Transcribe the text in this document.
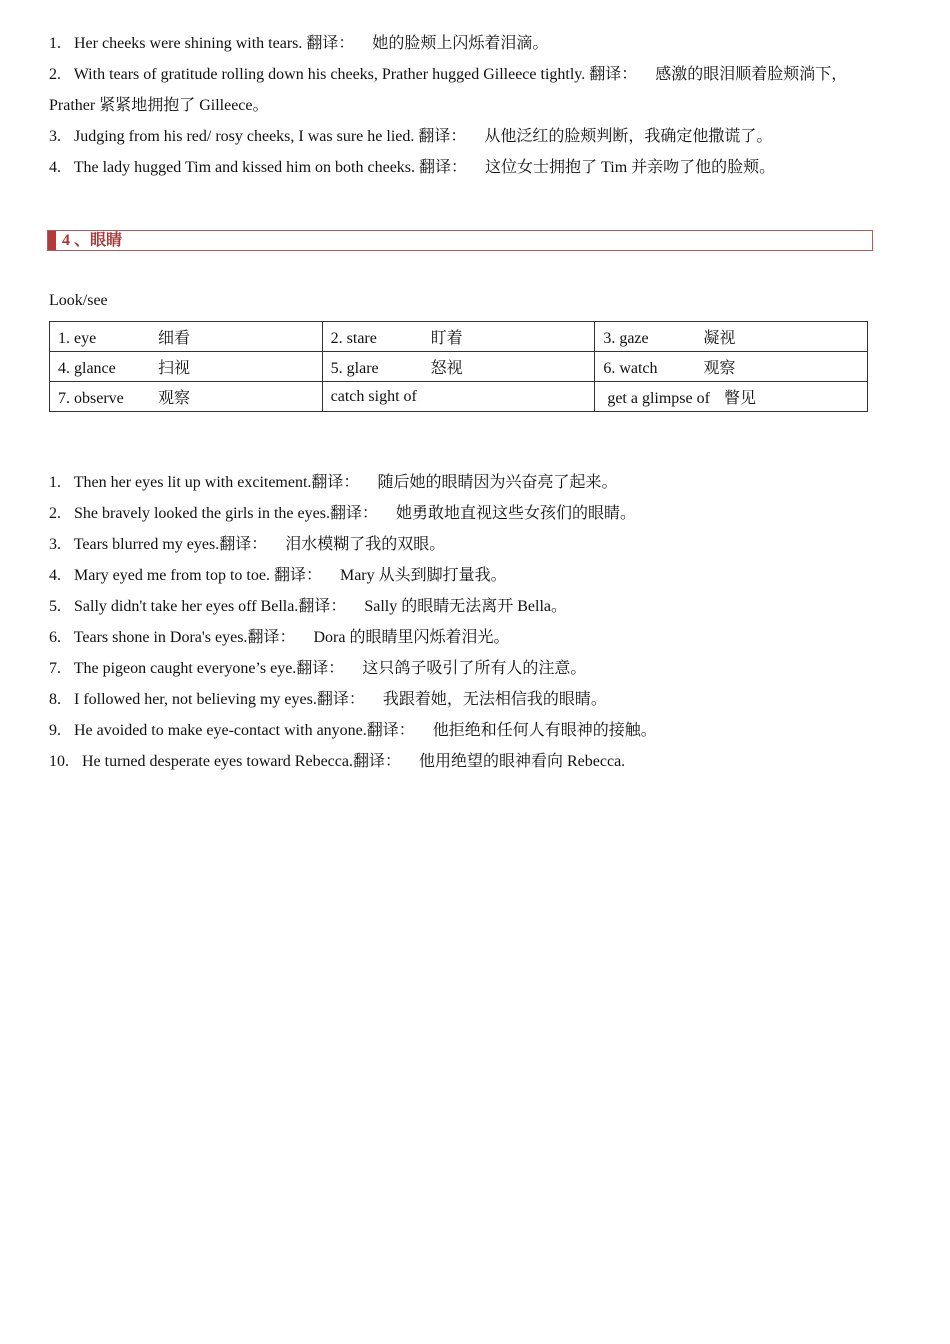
1. Her cheeks were shining with tears. 翻译： 她的脸颊上闪烁着泪滴。
2. With tears of gratitude rolling down his cheeks, Prather hugged Gilleece tightly. 翻译： 感激的眼泪顺着脸颊淌下，
Prather 紧紧地拥抱了 Gilleece。
3. Judging from his red/ rosy cheeks, I was sure he lied. 翻译： 从他泛红的脸颊判断，我确定他撒谎了。
4. The lady hugged Tim and kissed him on both cheeks. 翻译： 这位女士拥抱了 Tim 并亲吻了他的脸颊。
4 、眼睛
Look/see
1. eye 细看	2. stare 盯着	3. gaze 凝视
4. glance 扫视	5. glare 怒视	6. watch 观察
7. observe 观察	catch sight of	get a glimpse of 瞥见
1. Then her eyes lit up with excitement.翻译： 随后她的眼睛因为兴奋亮了起来。
2. She bravely looked the girls in the eyes.翻译： 她勇敢地直视这些女孩们的眼睛。
3. Tears blurred my eyes.翻译： 泪水模糊了我的双眼。
4. Mary eyed me from top to toe. 翻译： Mary 从头到脚打量我。
5. Sally didn't take her eyes off Bella.翻译： Sally 的眼睛无法离开 Bella。
6. Tears shone in Dora's eyes.翻译： Dora 的眼睛里闪烁着泪光。
7. The pigeon caught everyone’s eye.翻译： 这只鸽子吸引了所有人的注意。
8. I followed her, not believing my eyes.翻译： 我跟着她，无法相信我的眼睛。
9. He avoided to make eye-contact with anyone.翻译： 他拒绝和任何人有眼神的接触。
10. He turned desperate eyes toward Rebecca.翻译： 他用绝望的眼神看向 Rebecca.
